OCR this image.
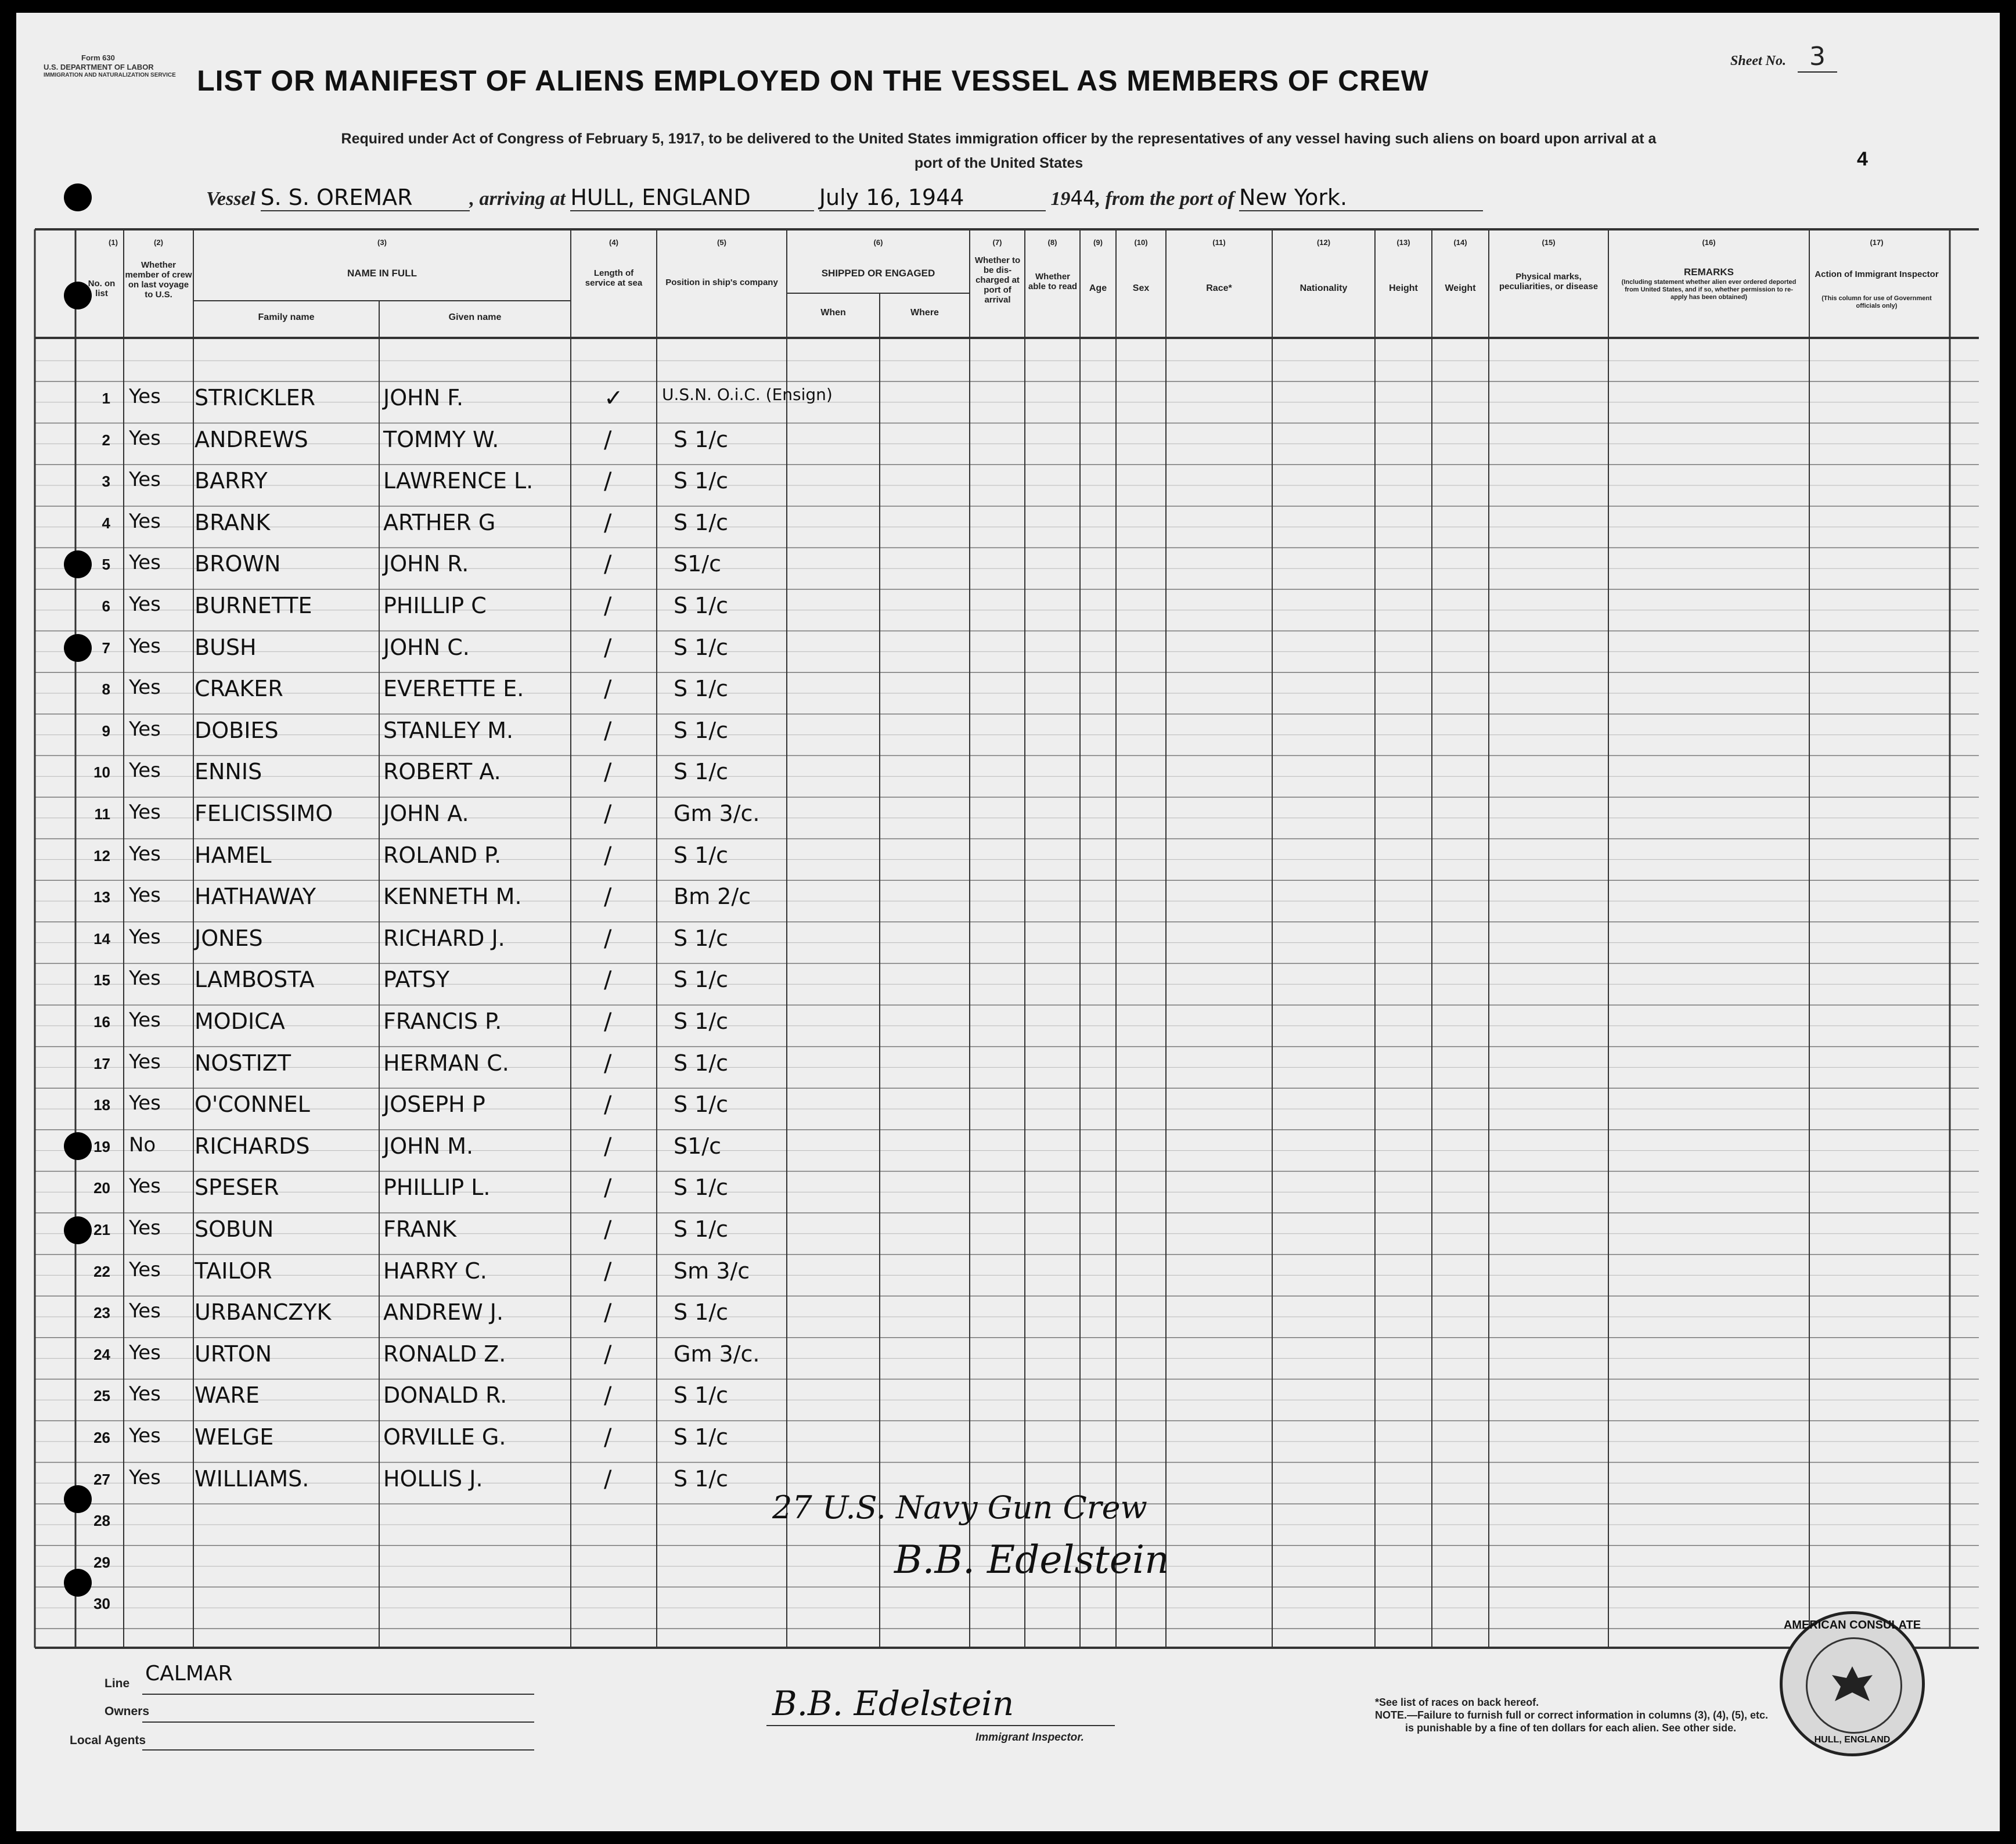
Form 630
U.S. DEPARTMENT OF LABOR
IMMIGRATION AND NATURALIZATION SERVICE
Sheet No. 3
LIST OR MANIFEST OF ALIENS EMPLOYED ON THE VESSEL AS MEMBERS OF CREW
Required under Act of Congress of February 5, 1917, to be delivered to the United States immigration officer by the representatives of any vessel having such aliens on board upon arrival at a
port of the United States	4
Vessel S. S. OREMAR	, arriving at HULL, ENGLAND	July 16, 1944	1944, from the port of New York.
(1)	(2)	(3)	(4)	(5)	(6)	(7)	(8)	(9)	(10)	(11)	(12)	(13)	(14)	(15)	(16)	(17)
No. on list
Whether member of crew on last voyage to U.S.
NAME IN FULL
Family name	Given name
Length of service at sea	Position in ship's company
SHIPPED OR ENGAGED
When	Where
Whether to be dis-charged at port of arrival
Whether able to read	Age	Sex	Race*	Nationality	Height	Weight
Physical marks, peculiarities, or disease
REMARKS
(Including statement whether alien ever ordered deported from United States, and if so, whether permission to re-apply has been obtained)
Action of Immigrant Inspector
(This column for use of Government officials only)
1 Yes STRICKLER	JOHN F.	✓ U.S.N. O.i.C. (Ensign)
2 Yes ANDREWS	TOMMY W.	/	S 1/c
3 Yes BARRY	LAWRENCE L.	/	S 1/c
4 Yes BRANK	ARTHER G	/	S 1/c
5 Yes BROWN	JOHN R.	/	S1/c
6 Yes BURNETTE	PHILLIP C	/	S 1/c
7 Yes BUSH	JOHN C.	/	S 1/c
8 Yes CRAKER	EVERETTE E.	/	S 1/c
9 Yes DOBIES	STANLEY M.	/	S 1/c
10 Yes ENNIS	ROBERT A.	/	S 1/c
11 Yes FELICISSIMO JOHN A.	/	Gm 3/c.
12 Yes HAMEL	ROLAND P.	/	S 1/c
13 Yes HATHAWAY	KENNETH M.	/	Bm 2/c
14 Yes JONES	RICHARD J.	/	S 1/c
15 Yes LAMBOSTA	PATSY	/	S 1/c
16 Yes MODICA	FRANCIS P.	/	S 1/c
17 Yes NOSTIZT	HERMAN C.	/	S 1/c
18 Yes O'CONNEL	JOSEPH P	/	S 1/c
19 No RICHARDS	JOHN M.	/	S1/c
20 Yes SPESER	PHILLIP L.	/	S 1/c
21 Yes SOBUN	FRANK	/	S 1/c
22 Yes TAILOR	HARRY C.	/	Sm 3/c
23 Yes URBANCZYK ANDREW J.	/	S 1/c
24 Yes URTON	RONALD Z.	/	Gm 3/c.
25 Yes WARE	DONALD R.	/	S 1/c
26 Yes WELGE	ORVILLE G.	/	S 1/c
27 Yes WILLIAMS.	HOLLIS J.	/	S 1/c
28
29
30
27 U.S. Navy Gun Crew
B.B. Edelstein
Line CALMAR
Owners
Local Agents
B.B. Edelstein
Immigrant Inspector.
*See list of races on back hereof.
NOTE.—Failure to furnish full or correct information in columns (3), (4), (5), etc.
is punishable by a fine of ten dollars for each alien. See other side.
AMERICAN CONSULATE
HULL, ENGLAND
